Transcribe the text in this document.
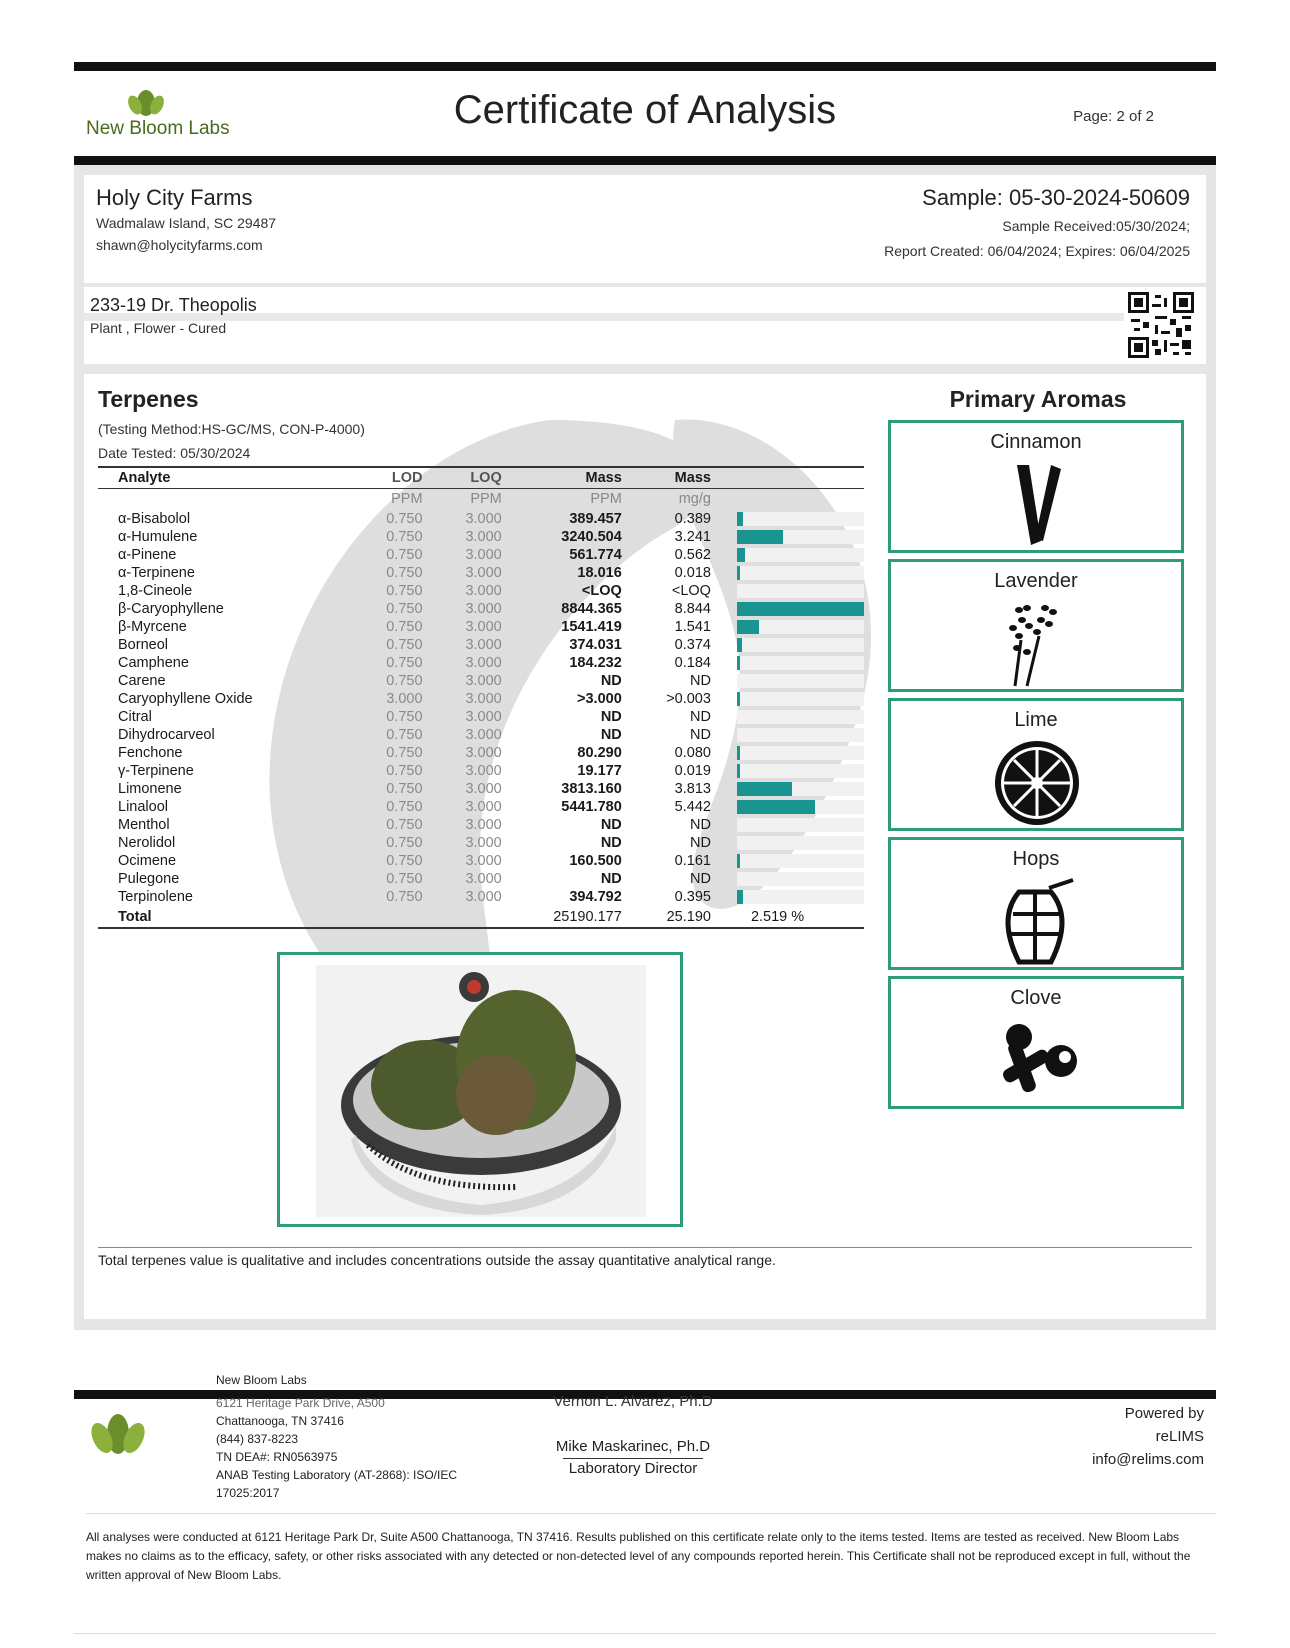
New Bloom Labs	Certificate of Analysis	Page: 2 of 2
Holy City Farms
Wadmalaw Island, SC 29487
shawn@holycityfarms.com
Sample: 05-30-2024-50609
Sample Received:05/30/2024;
Report Created: 06/04/2024; Expires: 06/04/2025
233-19 Dr. Theopolis
Plant , Flower - Cured
Terpenes
(Testing Method:HS-GC/MS, CON-P-4000)
Date Tested: 05/30/2024
Analyte	LOD	LOQ	Mass	Mass	
	PPM	PPM	PPM	mg/g	
α-Bisabolol	0.750	3.000	389.457	0.389	

α-Humulene	0.750	3.000	3240.504	3.241	

α-Pinene	0.750	3.000	561.774	0.562	

α-Terpinene	0.750	3.000	18.016	0.018	

1,8-Cineole	0.750	3.000	<LOQ	<LOQ	

β-Caryophyllene	0.750	3.000	8844.365	8.844	

β-Myrcene	0.750	3.000	1541.419	1.541	

Borneol	0.750	3.000	374.031	0.374	

Camphene	0.750	3.000	184.232	0.184	

Carene	0.750	3.000	ND	ND	

Caryophyllene Oxide	3.000	3.000	>3.000	>0.003	

Citral	0.750	3.000	ND	ND	

Dihydrocarveol	0.750	3.000	ND	ND	

Fenchone	0.750	3.000	80.290	0.080	

γ-Terpinene	0.750	3.000	19.177	0.019	

Limonene	0.750	3.000	3813.160	3.813	

Linalool	0.750	3.000	5441.780	5.442	

Menthol	0.750	3.000	ND	ND	

Nerolidol	0.750	3.000	ND	ND	

Ocimene	0.750	3.000	160.500	0.161	

Pulegone	0.750	3.000	ND	ND	

Terpinolene	0.750	3.000	394.792	0.395	

Total			25190.177	25.190	2.519 %
Primary Aromas
Cinnamon
Lavender
Lime
Hops
Clove
Total terpenes value is qualitative and includes concentrations outside the assay quantitative analytical range.
New Bloom Labs
6121 Heritage Park Drive, A500
Chattanooga, TN 37416
(844) 837-8223
TN DEA#: RN0563975
ANAB Testing Laboratory (AT-2868): ISO/IEC
17025:2017
Vernon L. Alvarez, Ph.D
Mike Maskarinec, Ph.D
Laboratory Director
Powered by
reLIMS
info@relims.com
All analyses were conducted at 6121 Heritage Park Dr, Suite A500 Chattanooga, TN 37416. Results published on this certificate relate only to the items tested. Items are tested as received. New Bloom Labs makes no claims as to the efficacy, safety, or other risks associated with any detected or non-detected level of any compounds reported herein. This Certificate shall not be reproduced except in full, without the written approval of New Bloom Labs.
